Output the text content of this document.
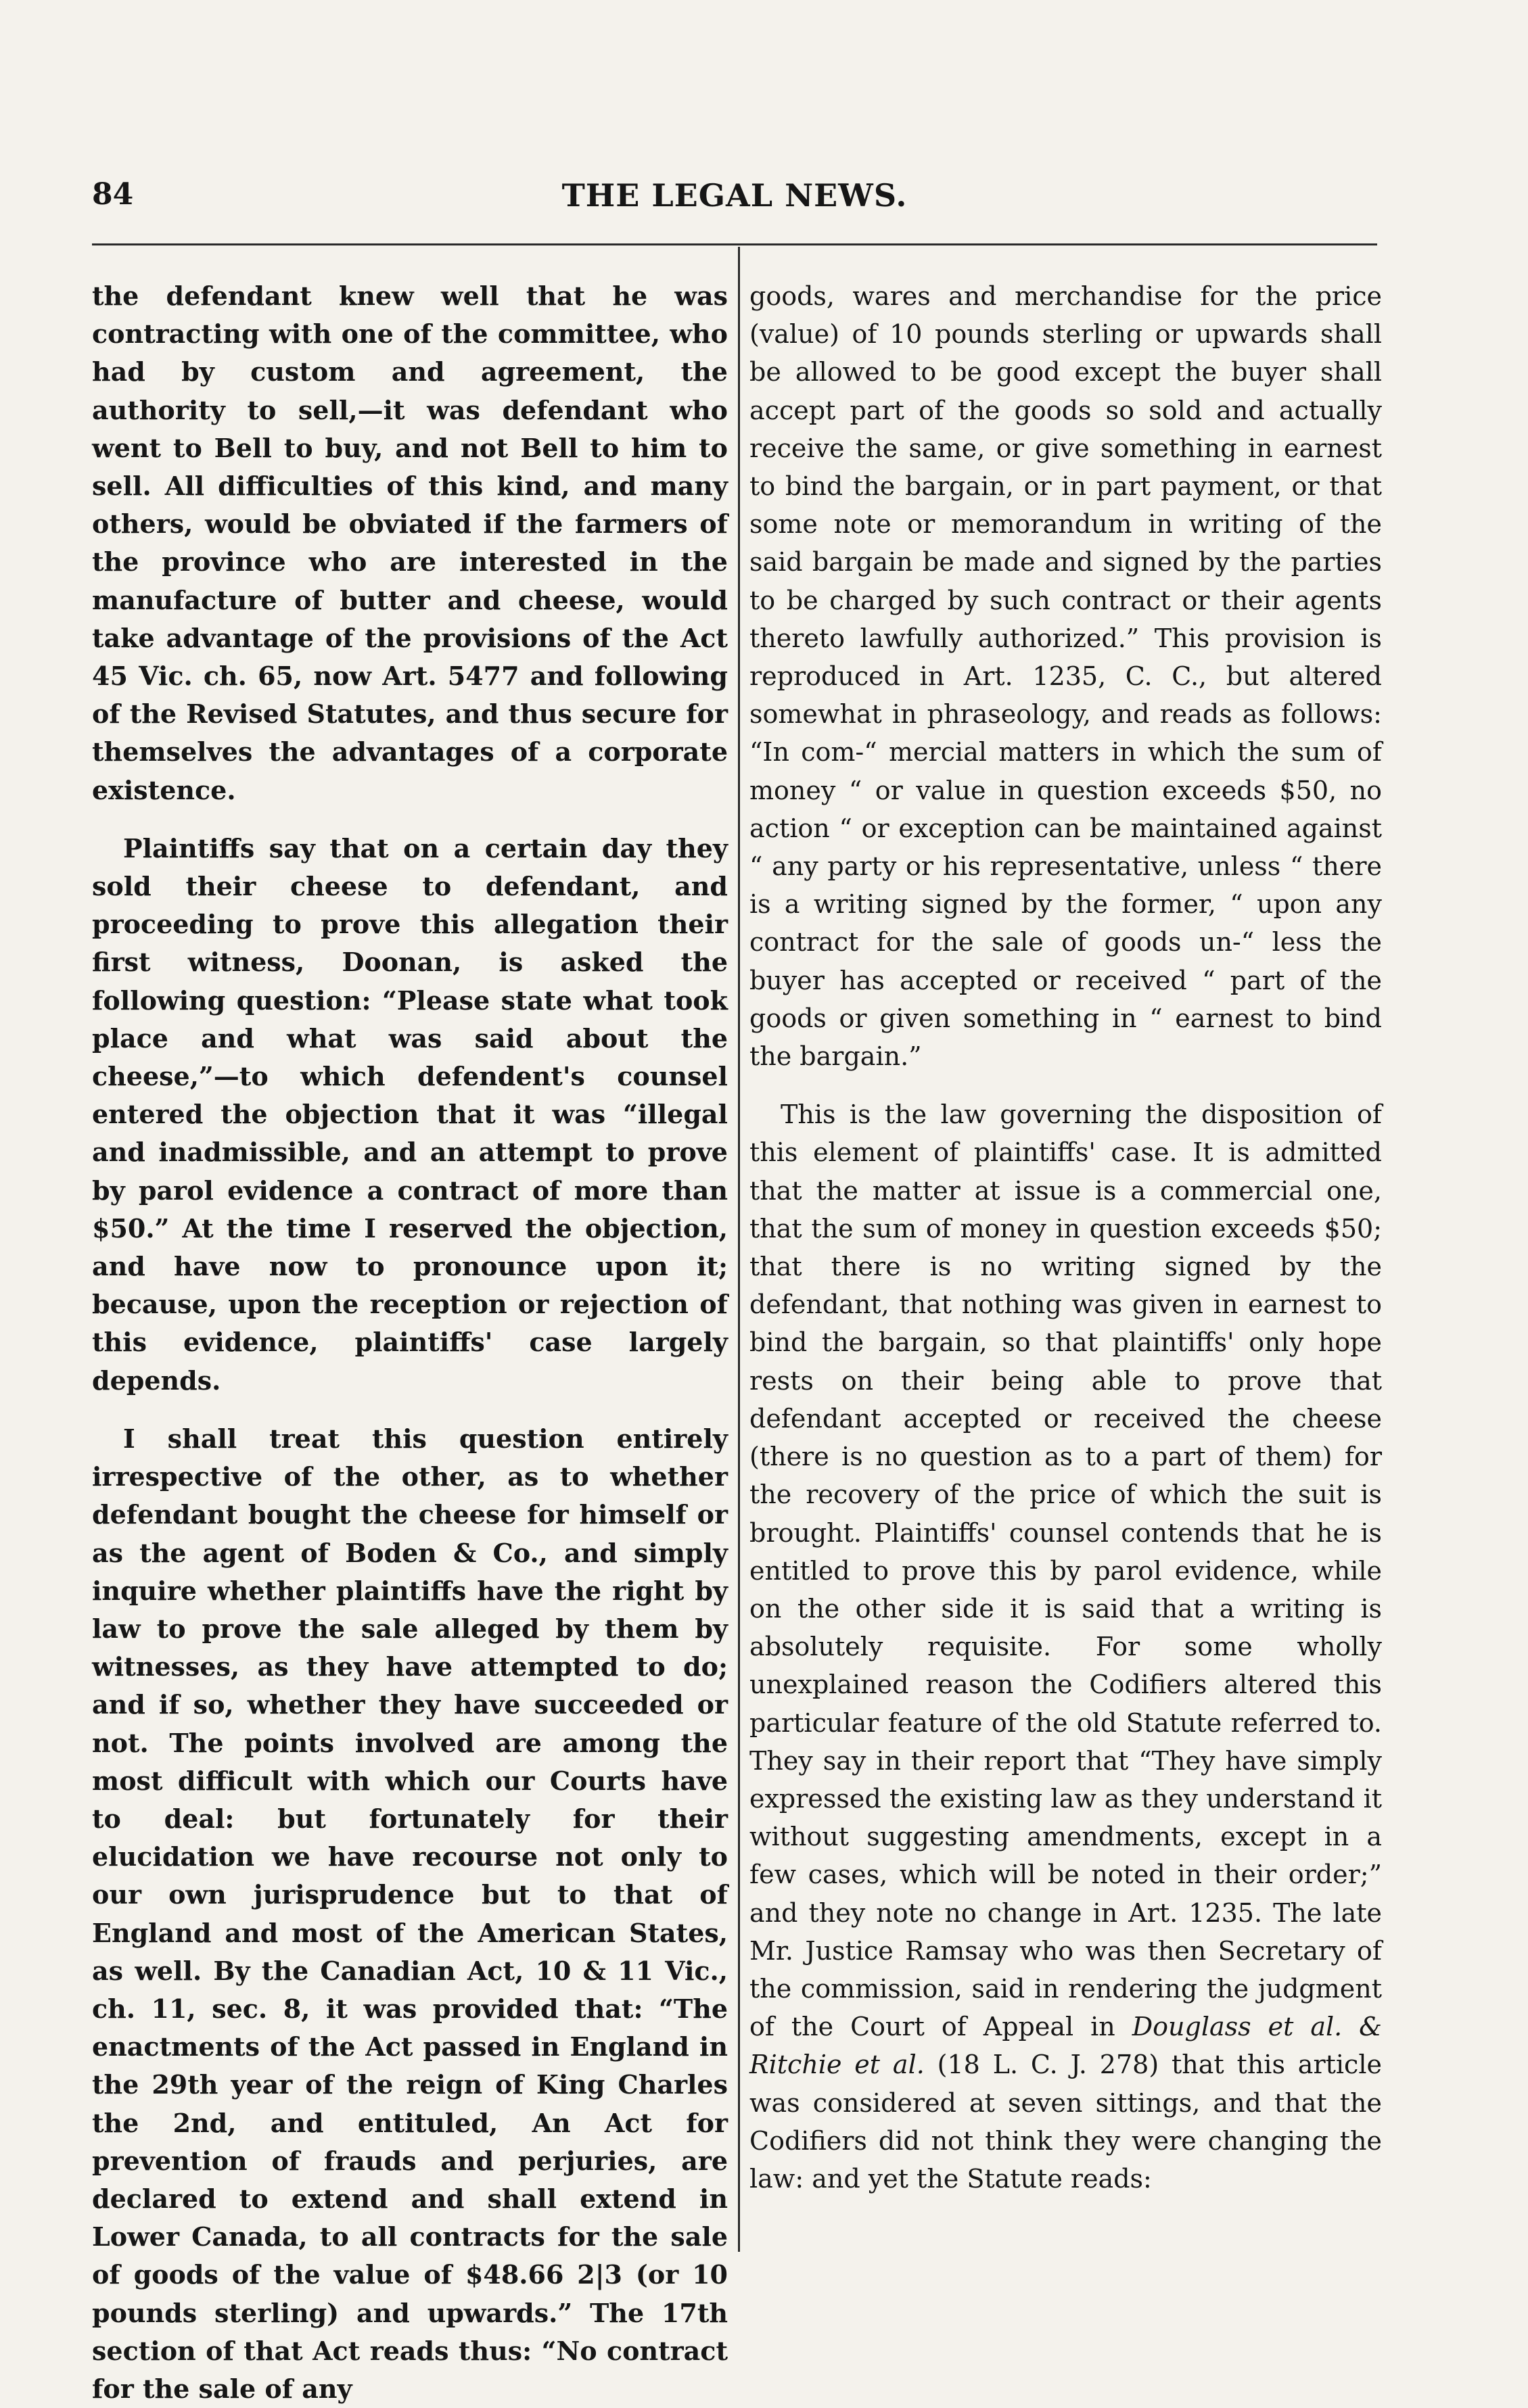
84	THE LEGAL NEWS.

the defendant knew well that he was contracting with one of the committee, who had by custom and agreement, the authority to sell,—it was defendant who went to Bell to buy, and not Bell to him to sell. All difficulties of this kind, and many others, would be obviated if the farmers of the province who are interested in the manufacture of butter and cheese, would take advantage of the provisions of the Act 45 Vic. ch. 65, now Art. 5477 and following of the Revised Statutes, and thus secure for themselves the advantages of a corporate existence.

Plaintiffs say that on a certain day they sold their cheese to defendant, and proceeding to prove this allegation their first witness, Doonan, is asked the following question: “Please state what took place and what was said about the cheese,”—to which defendent's counsel entered the objection that it was “illegal and inadmissible, and an attempt to prove by parol evidence a contract of more than $50.” At the time I reserved the objection, and have now to pronounce upon it; because, upon the reception or rejection of this evidence, plaintiffs' case largely depends.

I shall treat this question entirely irrespective of the other, as to whether defendant bought the cheese for himself or as the agent of Boden & Co., and simply inquire whether plaintiffs have the right by law to prove the sale alleged by them by witnesses, as they have attempted to do; and if so, whether they have succeeded or not. The points involved are among the most difficult with which our Courts have to deal: but fortunately for their elucidation we have recourse not only to our own jurisprudence but to that of England and most of the American States, as well. By the Canadian Act, 10 & 11 Vic., ch. 11, sec. 8, it was provided that: “The enactments of the Act passed in England in the 29th year of the reign of King Charles the 2nd, and entituled, An Act for prevention of frauds and perjuries, are declared to extend and shall extend in Lower Canada, to all contracts for the sale of goods of the value of $48.66 2|3 (or 10 pounds sterling) and upwards.” The 17th section of that Act reads thus: “No contract for the sale of any

goods, wares and merchandise for the price (value) of 10 pounds sterling or upwards shall be allowed to be good except the buyer shall accept part of the goods so sold and actually receive the same, or give something in earnest to bind the bargain, or in part payment, or that some note or memorandum in writing of the said bargain be made and signed by the parties to be charged by such contract or their agents thereto lawfully authorized.” This provision is reproduced in Art. 1235, C. C., but altered somewhat in phraseology, and reads as follows: “In com-“ mercial matters in which the sum of money “ or value in question exceeds $50, no action “ or exception can be maintained against “ any party or his representative, unless “ there is a writing signed by the former, “ upon any contract for the sale of goods un-“ less the buyer has accepted or received “ part of the goods or given something in “ earnest to bind the bargain.”

This is the law governing the disposition of this element of plaintiffs' case. It is admitted that the matter at issue is a commercial one, that the sum of money in question exceeds $50; that there is no writing signed by the defendant, that nothing was given in earnest to bind the bargain, so that plaintiffs' only hope rests on their being able to prove that defendant accepted or received the cheese (there is no question as to a part of them) for the recovery of the price of which the suit is brought. Plaintiffs' counsel contends that he is entitled to prove this by parol evidence, while on the other side it is said that a writing is absolutely requisite. For some wholly unexplained reason the Codifiers altered this particular feature of the old Statute referred to. They say in their report that “They have simply expressed the existing law as they understand it without suggesting amendments, except in a few cases, which will be noted in their order;” and they note no change in Art. 1235. The late Mr. Justice Ramsay who was then Secretary of the commission, said in rendering the judgment of the Court of Appeal in Douglass et al. & Ritchie et al. (18 L. C. J. 278) that this article was considered at seven sittings, and that the Codifiers did not think they were changing the law: and yet the Statute reads:
